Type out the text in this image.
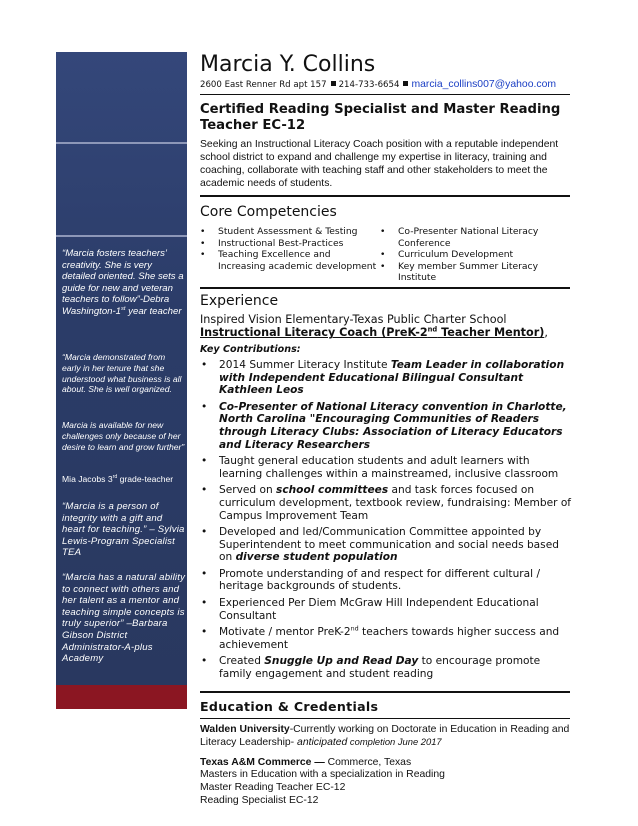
“Marcia fosters teachers’ creativity. She is very detailed oriented. She sets a guide for new and veteran teachers to follow”-Debra Washington-1st year teacher
“Marcia demonstrated from early in her tenure that she understood what business is all about. She is well organized.
Marcia is available for new challenges only because of her desire to learn and grow further”
Mia Jacobs 3rd grade-teacher
“Marcia is a person of integrity with a gift and heart for teaching.” – Sylvia Lewis-Program Specialist TEA
“Marcia has a natural ability to connect with others and her talent as a mentor and teaching simple concepts is truly superior” –Barbara Gibson District Administrator-A-plus Academy
Marcia Y. Collins
2600 East Renner Rd apt 157 214-733-6654 marcia_collins007@yahoo.com
Certified Reading Specialist and Master Reading
Teacher EC-12
Seeking an Instructional Literacy Coach position with a reputable independent school district to expand and challenge my expertise in literacy, training and coaching, collaborate with teaching staff and other stakeholders to meet the academic needs of students.
Core Competencies
• Student Assessment & Testing
• Instructional Best-Practices
• Teaching Excellence and Increasing academic development
• Co-Presenter National Literacy Conference
• Curriculum Development
• Key member Summer Literacy Institute
Experience
Inspired Vision Elementary-Texas Public Charter School
Instructional Literacy Coach (PreK-2nd Teacher Mentor),
Key Contributions:
• 2014 Summer Literacy Institute Team Leader in collaboration with Independent Educational Bilingual Consultant Kathleen Leos
• Co-Presenter of National Literacy convention in Charlotte, North Carolina "Encouraging Communities of Readers through Literacy Clubs: Association of Literacy Educators and Literacy Researchers
• Taught general education students and adult learners with learning challenges within a mainstreamed, inclusive classroom
• Served on school committees and task forces focused on curriculum development, textbook review, fundraising: Member of Campus Improvement Team
• Developed and led/Communication Committee appointed by Superintendent to meet communication and social needs based on diverse student population
• Promote understanding of and respect for different cultural / heritage backgrounds of students.
• Experienced Per Diem McGraw Hill Independent Educational Consultant
• Motivate / mentor PreK-2nd teachers towards higher success and achievement
• Created Snuggle Up and Read Day to encourage promote family engagement and student reading
Education & Credentials
Walden University-Currently working on Doctorate in Education in Reading and Literacy Leadership- anticipated completion June 2017
Texas A&M Commerce — Commerce, Texas
Masters in Education with a specialization in Reading
Master Reading Teacher EC-12
Reading Specialist EC-12
